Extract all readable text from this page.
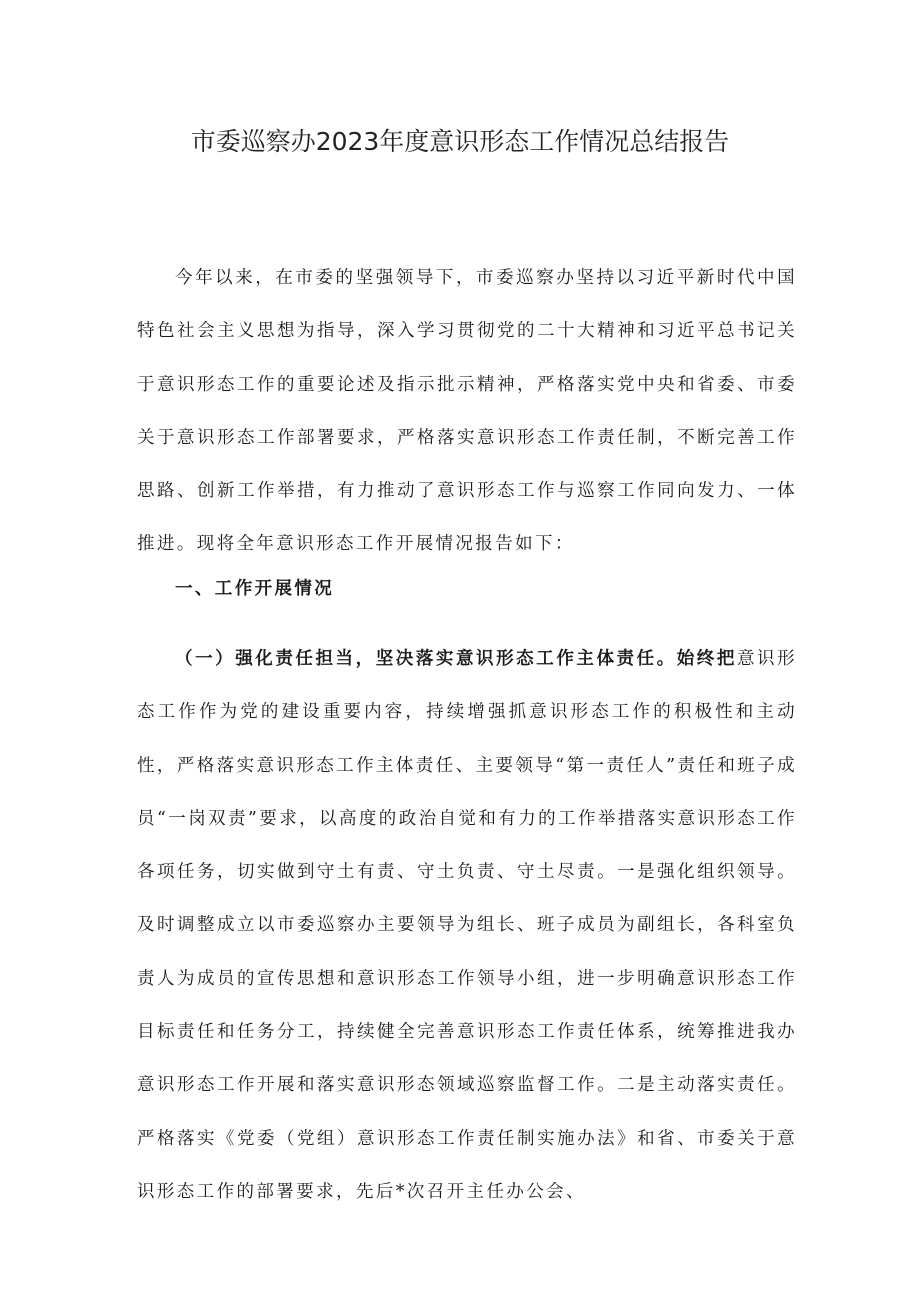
市委巡察办2023年度意识形态工作情况总结报告

今年以来，在市委的坚强领导下，市委巡察办坚持以习近平新时代中国特色社会主义思想为指导，深入学习贯彻党的二十大精神和习近平总书记关于意识形态工作的重要论述及指示批示精神，严格落实党中央和省委、市委关于意识形态工作部署要求，严格落实意识形态工作责任制，不断完善工作思路、创新工作举措，有力推动了意识形态工作与巡察工作同向发力、一体推进。现将全年意识形态工作开展情况报告如下：

一、工作开展情况

（一）强化责任担当，坚决落实意识形态工作主体责任。始终把意识形态工作作为党的建设重要内容，持续增强抓意识形态工作的积极性和主动性，严格落实意识形态工作主体责任、主要领导“第一责任人”责任和班子成员“一岗双责”要求，以高度的政治自觉和有力的工作举措落实意识形态工作各项任务，切实做到守土有责、守土负责、守土尽责。一是强化组织领导。及时调整成立以市委巡察办主要领导为组长、班子成员为副组长，各科室负责人为成员的宣传思想和意识形态工作领导小组，进一步明确意识形态工作目标责任和任务分工，持续健全完善意识形态工作责任体系，统筹推进我办意识形态工作开展和落实意识形态领域巡察监督工作。二是主动落实责任。严格落实《党委（党组）意识形态工作责任制实施办法》和省、市委关于意识形态工作的部署要求，先后*次召开主任办公会、
